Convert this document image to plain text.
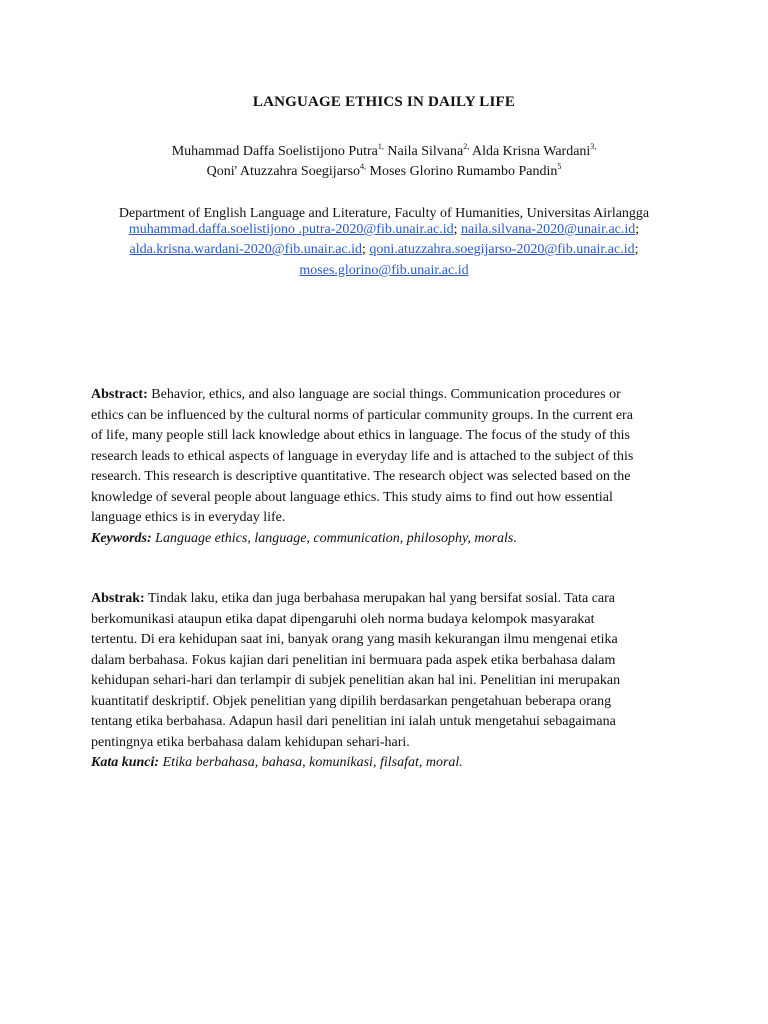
LANGUAGE ETHICS IN DAILY LIFE
Muhammad Daffa Soelistijono Putra$^{1,}$ Naila Silvana$^{2,}$ Alda Krisna Wardani$^{3,}$
Qoni' Atuzzahra Soegijarso$^{4,}$ Moses Glorino Rumambo Pandin$^5$
Department of English Language and Literature, Faculty of Humanities, Universitas Airlangga
muhammad.daffa.soelistijono .putra-2020@fib.unair.ac.id; naila.silvana-2020@unair.ac.id;
alda.krisna.wardani-2020@fib.unair.ac.id; qoni.atuzzahra.soegijarso-2020@fib.unair.ac.id;
moses.glorino@fib.unair.ac.id
Abstract: Behavior, ethics, and also language are social things. Communication procedures or
ethics can be influenced by the cultural norms of particular community groups. In the current era
of life, many people still lack knowledge about ethics in language. The focus of the study of this
research leads to ethical aspects of language in everyday life and is attached to the subject of this
research. This research is descriptive quantitative. The research object was selected based on the
knowledge of several people about language ethics. This study aims to find out how essential
language ethics is in everyday life.
Keywords: Language ethics, language, communication, philosophy, morals.
Abstrak: Tindak laku, etika dan juga berbahasa merupakan hal yang bersifat sosial. Tata cara
berkomunikasi ataupun etika dapat dipengaruhi oleh norma budaya kelompok masyarakat
tertentu. Di era kehidupan saat ini, banyak orang yang masih kekurangan ilmu mengenai etika
dalam berbahasa. Fokus kajian dari penelitian ini bermuara pada aspek etika berbahasa dalam
kehidupan sehari-hari dan terlampir di subjek penelitian akan hal ini. Penelitian ini merupakan
kuantitatif deskriptif. Objek penelitian yang dipilih berdasarkan pengetahuan beberapa orang
tentang etika berbahasa. Adapun hasil dari penelitian ini ialah untuk mengetahui sebagaimana
pentingnya etika berbahasa dalam kehidupan sehari-hari.
Kata kunci: Etika berbahasa, bahasa, komunikasi, filsafat, moral.
